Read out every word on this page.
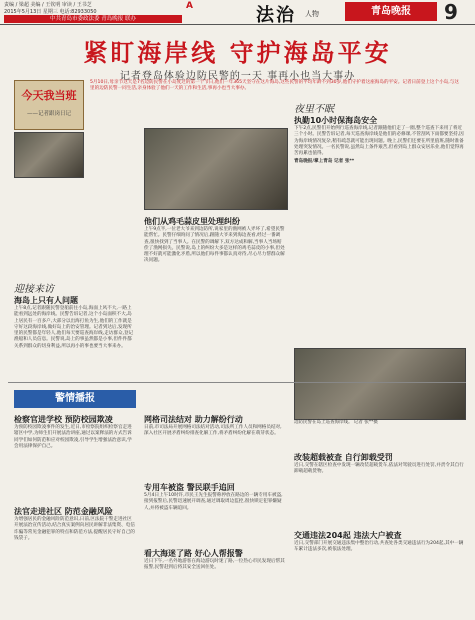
责编 / 梁超 美编 / 王钦明 审读 / 王书芝
2015年5月13日 星期三 电话:82933050
中共青岛市委政法委 青岛晚报 联办
A	法治 人物	青岛晚报	9
紧盯海岸线 守护海岛平安
记者登岛体验边防民警的一天 事再小也当大事办
今天我当班
——记者跟岗日记
5月10日,母亲节这天是7名边防民警在小岛度过的第一个节日,他们一年365天坚守在这片海岛,这些民警的平均年龄不到30岁,他们守护着这座海岛的平安。记者日前登上这个小岛,与这里的边防民警一同生活,亲身体验了他们一天的工作和生活,事再小也当大事办。
迎接来访
海岛上只有人问题
上午8点,记者跟随民警登船前往小岛,海面上风不大,一路上能看到远处的海岸线。民警告诉记者,这个小岛面积不大,岛上居民有一百多户,大部分以出海打鱼为生,他们的工作就是守好这段海岸线,做好岛上的治安管理。记者到达后,发现所里的民警都是年轻人,他们每天要巡查海岸线,走访群众,登记渔船和人员信息。民警说,岛上的事虽然都是小事,但件件都关系到群众的切身利益,所以再小的事也要当大事来办。
他们从鸡毛蒜皮里处理纠纷
上午9点半,一位老大爷来到边防所,说家里的渔网被人弄坏了,希望民警能帮忙。民警仔细询问了情况后,跟随大爷来到海边查看,经过一番调查,很快找到了当事人。在民警的调解下,双方达成和解,当事人当场赔偿了渔网损失。民警说,岛上的纠纷大多是这样的鸡毛蒜皮的小事,但处理不好就可能激化矛盾,所以他们每件事都认真对待,尽心尽力帮群众解决问题。
夜里不眠
执勤10小时保海岛安全
下午2点,民警们开始例行巡查海岸线,记者跟随他们走了一圈,整个巡查下来用了将近三个小时。民警告诉记者,每天巡查海岸线是他们的必修课,不管刮风下雨都要坚持,因为海岸线情况复杂,稍有疏忽就可能出现问题。晚上,民警们还要在所里值班,随时准备处理突发情况。一名民警说,虽然岛上条件艰苦,但看到岛上群众安居乐业,他们觉得再苦再累也值得。
青岛晚报/掌上青岛 记者 张**
边防民警在岛上巡查海岸线。 记者 张**摄
警情播报
检察官进学校 预防校园欺凌
为预防校园欺凌事件的发生,近日,市检察院组织检察官走进辖区中学,为师生们开展法治讲座,通过以案释法的方式告诉同学们如何防范和应对校园欺凌,引导学生增强法治意识,学会用法律保护自己。
法官走进社区 防范金融风险
为增强居民的金融风险防范意识,日前,区法院干警走进社区开展法治宣传活动,结合真实案例向居民讲解非法集资、电信诈骗等常见金融犯罪的特点和防范方法,提醒居民守好自己的钱袋子。
网格司法结对 助力解纷行动
日前,市司法局开展网格司法结对活动,司法所工作人员和网格员结对,深入社区开展矛盾纠纷排查化解工作,将矛盾纠纷化解在萌芽状态。
专用车被盗 警民联手追回
5月4日上午10时许,市民王先生报警称停放在路边的一辆专用车被盗,接到报警后,民警迅速展开调查,通过调取周边监控,很快锁定犯罪嫌疑人,并将被盗车辆追回。
看大海迷了路 好心人帮报警
近日下午,一名外地游客在海边游玩时迷了路,一位热心市民发现后帮其报警,民警赶到后将其安全送回住处。
改装超载被查 自行卸载受罚
近日,交警在辖区检查中发现一辆改装超载货车,依法对驾驶员进行处罚,并责令其自行卸载超载货物。
交通违法204起 违法大户被查
近日,交警部门开展交通违法集中整治行动,共查处各类交通违法行为204起,其中一辆车累计违法多次,被依法处理。
